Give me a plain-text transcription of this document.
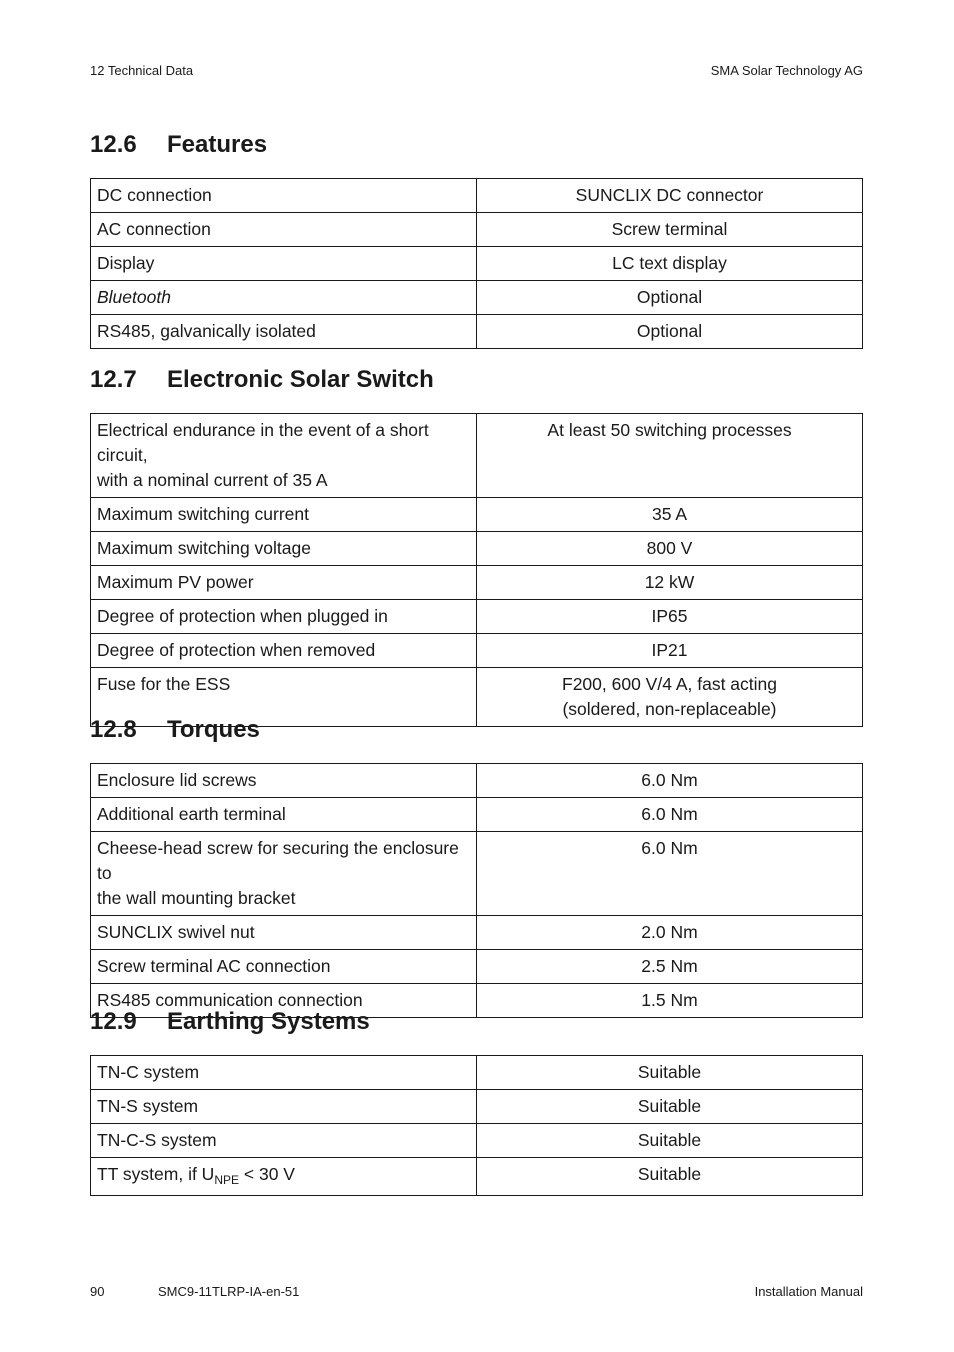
12 Technical Data	SMA Solar Technology AG
12.6 Features
DC connection	SUNCLIX DC connector
AC connection	Screw terminal
Display	LC text display
Bluetooth	Optional
RS485, galvanically isolated	Optional
12.7 Electronic Solar Switch
Electrical endurance in the event of a short circuit,
with a nominal current of 35 A	At least 50 switching processes
Maximum switching current	35 A
Maximum switching voltage	800 V
Maximum PV power	12 kW
Degree of protection when plugged in	IP65
Degree of protection when removed	IP21
Fuse for the ESS	F200, 600 V/4 A, fast acting
(soldered, non-replaceable)
12.8 Torques
Enclosure lid screws	6.0 Nm
Additional earth terminal	6.0 Nm
Cheese-head screw for securing the enclosure to
the wall mounting bracket	6.0 Nm
SUNCLIX swivel nut	2.0 Nm
Screw terminal AC connection	2.5 Nm
RS485 communication connection	1.5 Nm
12.9 Earthing Systems
TN-C system	Suitable
TN-S system	Suitable
TN-C-S system	Suitable
TT system, if $U_{NPE} < 30$ V	Suitable
90	SMC9-11TLRP-IA-en-51	Installation Manual
